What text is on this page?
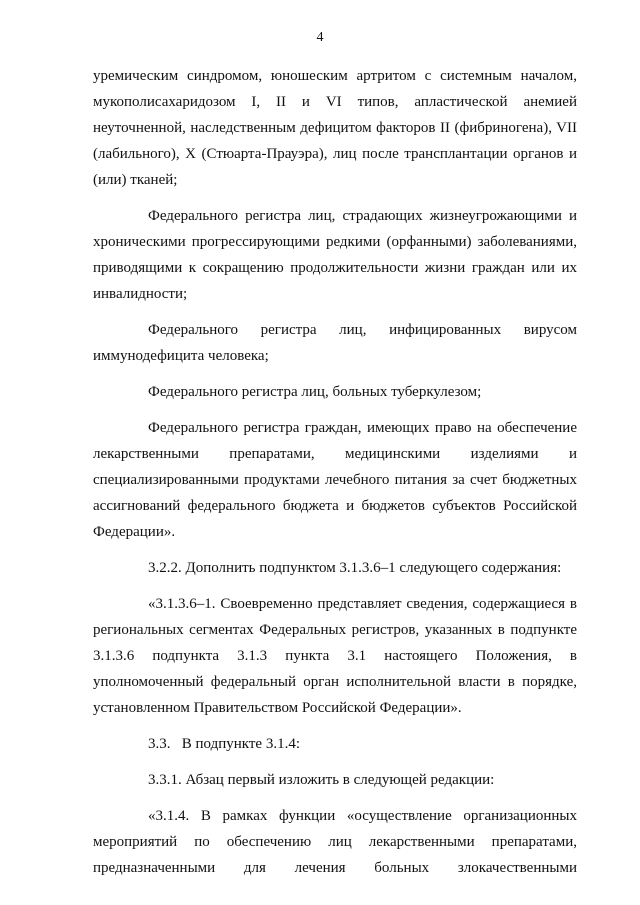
4

уремическим синдромом, юношеским артритом с системным началом, мукополисахаридозом I, II и VI типов, апластической анемией неуточненной, наследственным дефицитом факторов II (фибриногена), VII (лабильного), X (Стюарта-Прауэра), лиц после трансплантации органов и (или) тканей;

Федерального регистра лиц, страдающих жизнеугрожающими и хроническими прогрессирующими редкими (орфанными) заболеваниями, приводящими к сокращению продолжительности жизни граждан или их инвалидности;

Федерального регистра лиц, инфицированных вирусом иммунодефицита человека;

Федерального регистра лиц, больных туберкулезом;

Федерального регистра граждан, имеющих право на обеспечение лекарственными препаратами, медицинскими изделиями и специализированными продуктами лечебного питания за счет бюджетных ассигнований федерального бюджета и бюджетов субъектов Российской Федерации».

3.2.2. Дополнить подпунктом 3.1.3.6–1 следующего содержания:

«3.1.3.6–1. Своевременно представляет сведения, содержащиеся в региональных сегментах Федеральных регистров, указанных в подпункте 3.1.3.6 подпункта 3.1.3 пункта 3.1 настоящего Положения, в уполномоченный федеральный орган исполнительной власти в порядке, установленном Правительством Российской Федерации».

3.3.   В подпункте 3.1.4:

3.3.1. Абзац первый изложить в следующей редакции:

«3.1.4. В рамках функции «осуществление организационных мероприятий по обеспечению лиц лекарственными препаратами, предназначенными для лечения больных злокачественными
